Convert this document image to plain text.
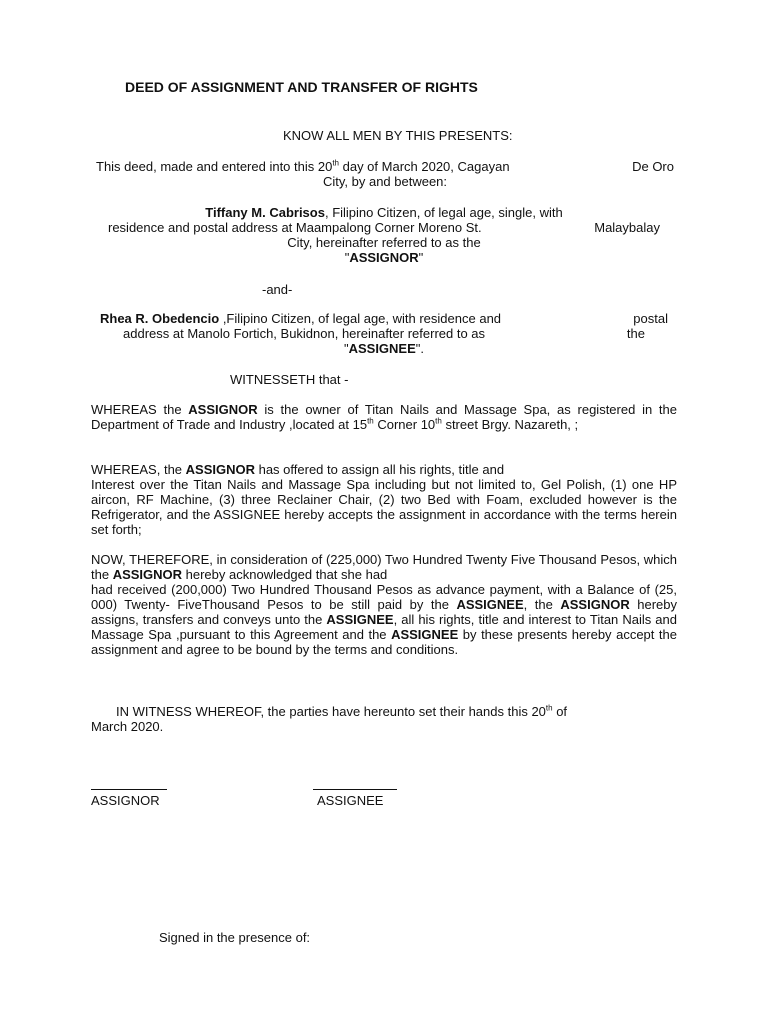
DEED OF ASSIGNMENT AND TRANSFER OF RIGHTS
KNOW ALL MEN BY THIS PRESENTS:
This deed, made and entered into this 20th day of March 2020, Cagayan	De Oro
City, by and between:
Tiffany M. Cabrisos, Filipino Citizen, of legal age, single, with
residence and postal address at Maampalong Corner Moreno St.	Malaybalay
City, hereinafter referred to as the
"ASSIGNOR"
-and-
Rhea R. Obedencio ,Filipino Citizen, of legal age, with residence and	postal
address at Manolo Fortich, Bukidnon, hereinafter referred to as	the
"ASSIGNEE".
WITNESSETH that -
WHEREAS the ASSIGNOR is the owner of Titan Nails and Massage Spa, as registered in the Department of Trade and Industry ,located at 15th Corner 10th street Brgy. Nazareth, ;
WHEREAS, the ASSIGNOR has offered to assign all his rights, title and
Interest over the Titan Nails and Massage Spa including but not limited to, Gel Polish, (1) one HP aircon, RF Machine, (3) three Reclainer Chair, (2) two Bed with Foam, excluded however is the Refrigerator, and the ASSIGNEE hereby accepts the assignment in accordance with the terms herein set forth;
NOW, THEREFORE, in consideration of (225,000) Two Hundred Twenty Five Thousand Pesos, which the ASSIGNOR hereby acknowledged that she had
had received (200,000) Two Hundred Thousand Pesos as advance payment, with a Balance of (25, 000) Twenty- FiveThousand Pesos to be still paid by the ASSIGNEE, the ASSIGNOR hereby assigns, transfers and conveys unto the ASSIGNEE, all his rights, title and interest to Titan Nails and Massage Spa ,pursuant to this Agreement and the ASSIGNEE by these presents hereby accept the assignment and agree to be bound by the terms and conditions.
IN WITNESS WHEREOF, the parties have hereunto set their hands this 20th of
March 2020.
ASSIGNOR	ASSIGNEE
Signed in the presence of:
